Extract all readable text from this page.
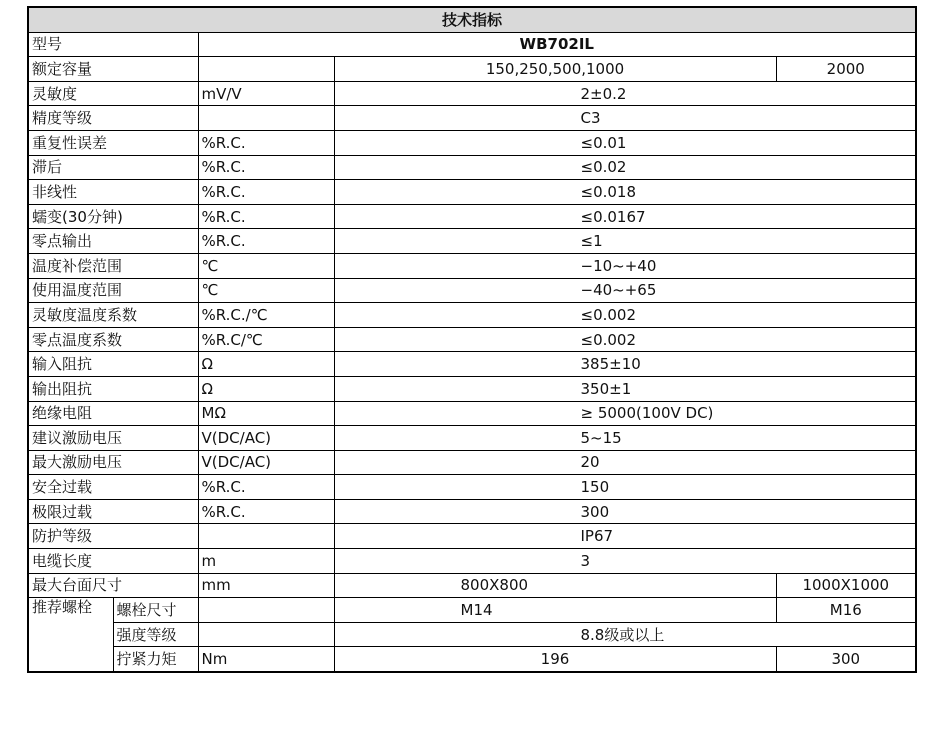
技术指标				
型号		WB702IL		
额定容量			150,250,500,1000	2000
灵敏度		mV/V	2±0.2	
精度等级			C3	
重复性误差		%R.C.	≤0.01	
滞后		%R.C.	≤0.02	
非线性		%R.C.	≤0.018	
蠕变(30分钟)		%R.C.	≤0.0167	
零点输出		%R.C.	≤1	
温度补偿范围		℃	−10~+40	
使用温度范围		℃	−40~+65	
灵敏度温度系数		%R.C./℃	≤0.002	
零点温度系数		%R.C/℃	≤0.002	
输入阻抗		Ω	385±10	
输出阻抗		Ω	350±1	
绝缘电阻		MΩ	≥ 5000(100V DC)	
建议激励电压		V(DC/AC)	5~15	
最大激励电压		V(DC/AC)	20	
安全过载		%R.C.	150	
极限过载		%R.C.	300	
防护等级			IP67	
电缆长度		m	3	
最大台面尺寸		mm	800X800	1000X1000
推荐螺栓	螺栓尺寸		M14	M16
	强度等级		8.8级或以上	
	拧紧力矩	Nm	196	300
